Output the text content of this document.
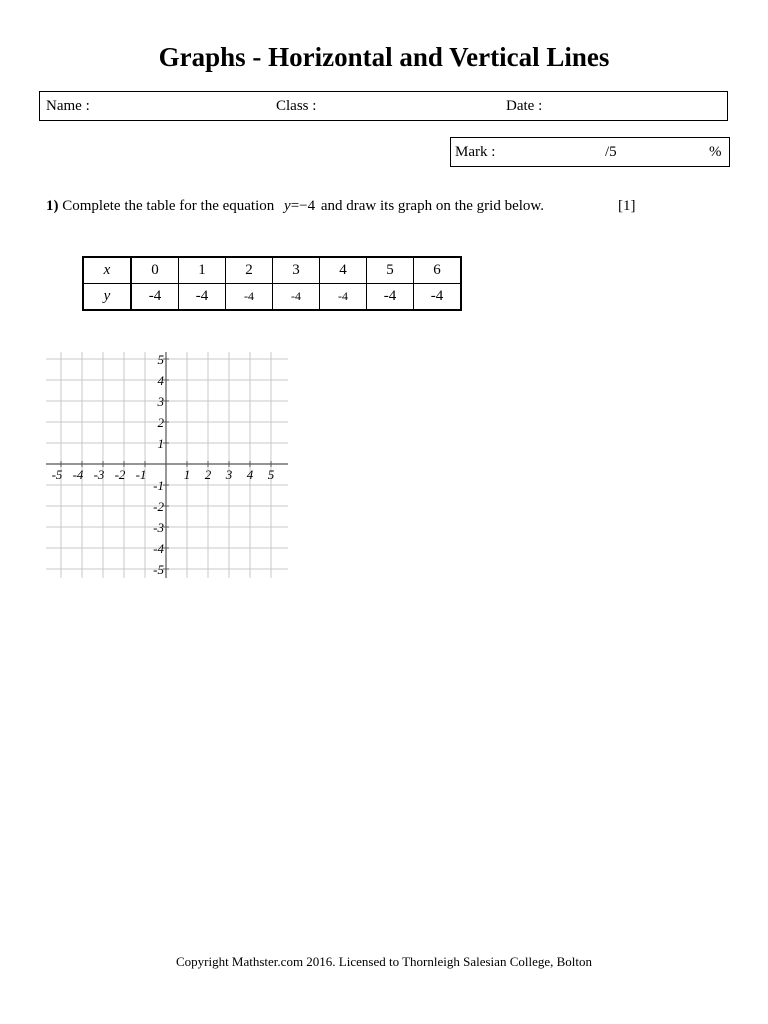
Graphs - Horizontal and Vertical Lines
Name :	Class :	Date :
Mark :	/5	%
1) Complete the table for the equation y=−4 and draw its graph on the grid below.	[1]
x	0	1	2	3	4	5	6
y	-4	-4	-4	-4	-4	-4	-4
-5 -4 -3 -2 -1	1 2 3 4 5
5
4
3
2
1
-1
-2
-3
-4
-5
Copyright Mathster.com 2016. Licensed to Thornleigh Salesian College, Bolton
